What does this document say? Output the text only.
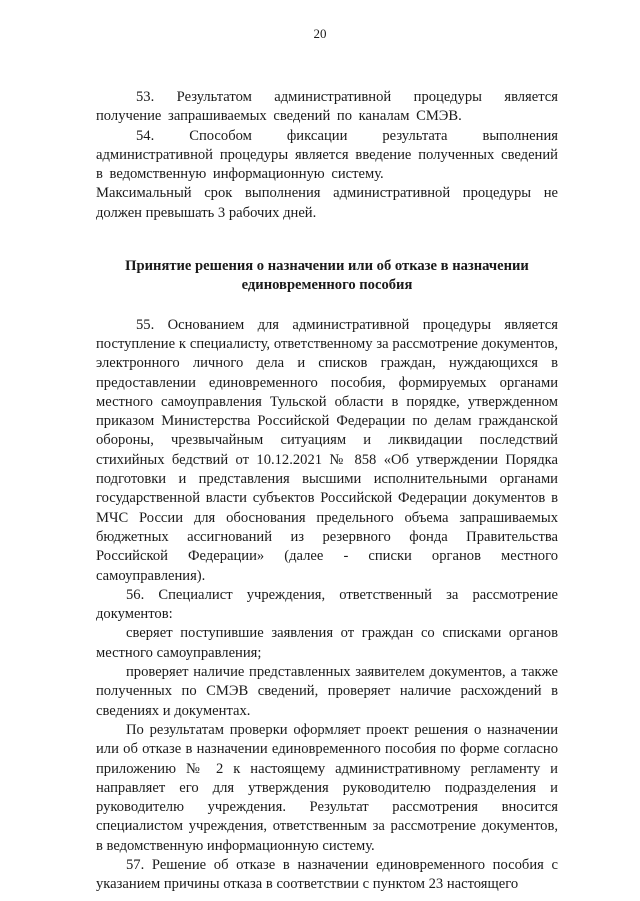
20

53. Результатом административной процедуры является получение запрашиваемых сведений по каналам СМЭВ.

54. Способом фиксации результата выполнения административной процедуры является введение полученных сведений в ведомственную информационную систему.

Максимальный срок выполнения административной процедуры не должен превышать 3 рабочих дней.

Принятие решения о назначении или об отказе в назначении единовременного пособия

55. Основанием для административной процедуры является поступление к специалисту, ответственному за рассмотрение документов, электронного личного дела и списков граждан, нуждающихся в предоставлении единовременного пособия, формируемых органами местного самоуправления Тульской области в порядке, утвержденном приказом Министерства Российской Федерации по делам гражданской обороны, чрезвычайным ситуациям и ликвидации последствий стихийных бедствий от 10.12.2021 № 858 «Об утверждении Порядка подготовки и представления высшими исполнительными органами государственной власти субъектов Российской Федерации документов в МЧС России для обоснования предельного объема запрашиваемых бюджетных ассигнований из резервного фонда Правительства Российской Федерации» (далее - списки органов местного самоуправления).

56. Специалист учреждения, ответственный за рассмотрение документов:

сверяет поступившие заявления от граждан со списками органов местного самоуправления;

проверяет наличие представленных заявителем документов, а также полученных по СМЭВ сведений, проверяет наличие расхождений в сведениях и документах.

По результатам проверки оформляет проект решения о назначении или об отказе в назначении единовременного пособия по форме согласно приложению № 2 к настоящему административному регламенту и направляет его для утверждения руководителю подразделения и руководителю учреждения. Результат рассмотрения вносится специалистом учреждения, ответственным за рассмотрение документов, в ведомственную информационную систему.

57. Решение об отказе в назначении единовременного пособия с указанием причины отказа в соответствии с пунктом 23 настоящего
